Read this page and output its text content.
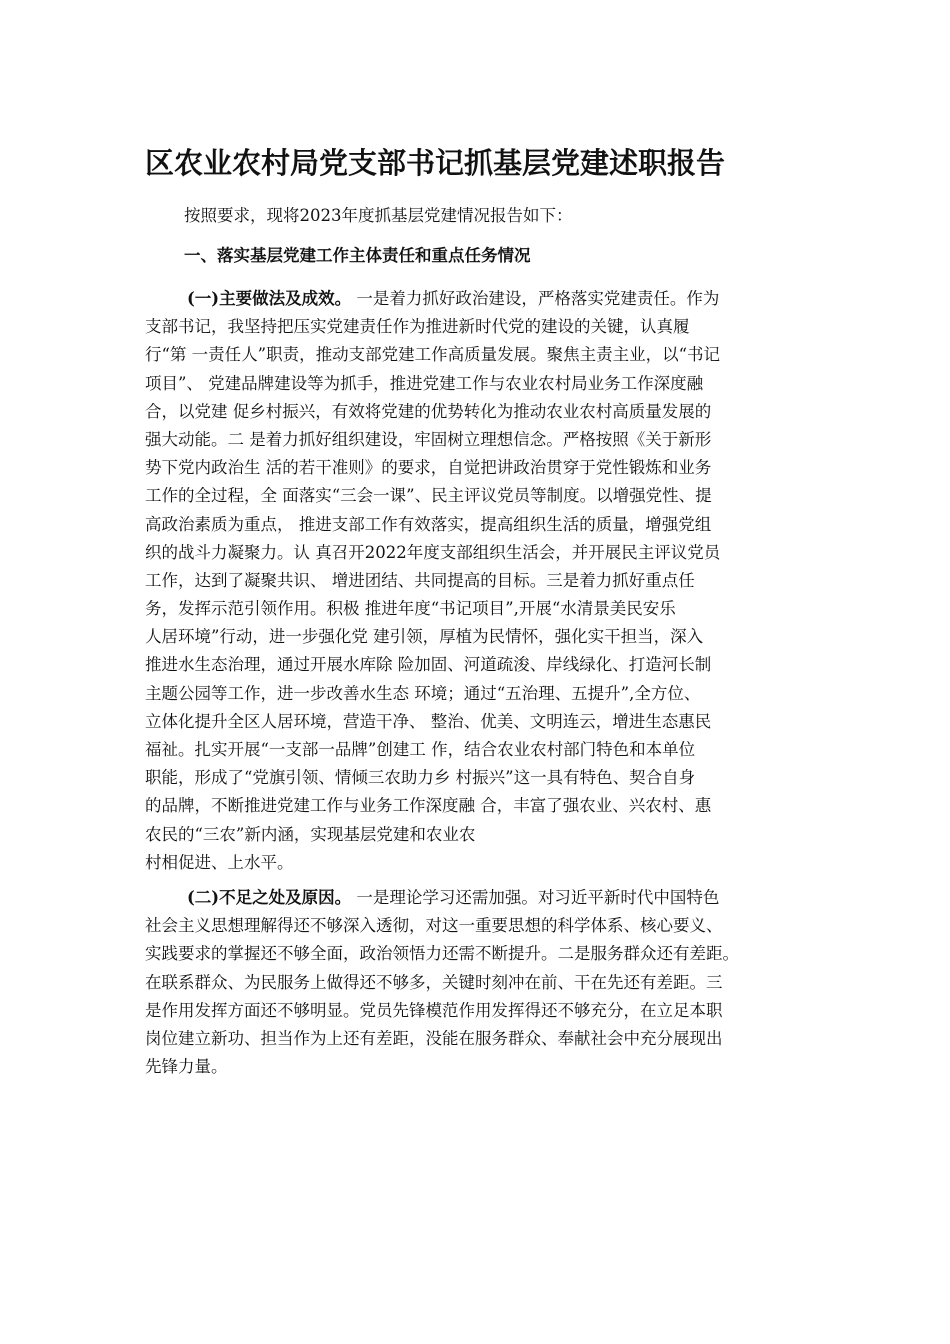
区农业农村局党支部书记抓基层党建述职报告
按照要求，现将2023年度抓基层党建情况报告如下：
一、落实基层党建工作主体责任和重点任务情况
(一)主要做法及成效。 一是着力抓好政治建设，严格落实党建责任。作为
支部书记，我坚持把压实党建责任作为推进新时代党的建设的关键，认真履
行“第 一责任人”职责，推动支部党建工作高质量发展。聚焦主责主业，以“书记
项目”、 党建品牌建设等为抓手，推进党建工作与农业农村局业务工作深度融
合，以党建 促乡村振兴，有效将党建的优势转化为推动农业农村高质量发展的
强大动能。二 是着力抓好组织建设，牢固树立理想信念。严格按照《关于新形
势下党内政治生 活的若干准则》的要求，自觉把讲政治贯穿于党性锻炼和业务
工作的全过程，全 面落实“三会一课”、民主评议党员等制度。以增强党性、提
高政治素质为重点， 推进支部工作有效落实，提高组织生活的质量，增强党组
织的战斗力凝聚力。认 真召开2022年度支部组织生活会，并开展民主评议党员
工作，达到了凝聚共识、 增进团结、共同提高的目标。三是着力抓好重点任
务，发挥示范引领作用。积极 推进年度“书记项目”,开展“水清景美民安乐
人居环境”行动，进一步强化党 建引领，厚植为民情怀，强化实干担当，深入
推进水生态治理，通过开展水库除 险加固、河道疏浚、岸线绿化、打造河长制
主题公园等工作，进一步改善水生态 环境；通过“五治理、五提升”,全方位、
立体化提升全区人居环境，营造干净、 整治、优美、文明连云，增进生态惠民
福祉。扎实开展“一支部一品牌”创建工 作，结合农业农村部门特色和本单位
职能，形成了“党旗引领、情倾三农助力乡 村振兴”这一具有特色、契合自身
的品牌，不断推进党建工作与业务工作深度融 合，丰富了强农业、兴农村、惠
农民的“三农”新内涵，实现基层党建和农业农
村相促进、上水平。
(二)不足之处及原因。 一是理论学习还需加强。对习近平新时代中国特色
社会主义思想理解得还不够深入透彻，对这一重要思想的科学体系、核心要义、
实践要求的掌握还不够全面，政治领悟力还需不断提升。二是服务群众还有差距。
在联系群众、为民服务上做得还不够多，关键时刻冲在前、干在先还有差距。三
是作用发挥方面还不够明显。党员先锋模范作用发挥得还不够充分，在立足本职
岗位建立新功、担当作为上还有差距，没能在服务群众、奉献社会中充分展现出
先锋力量。
